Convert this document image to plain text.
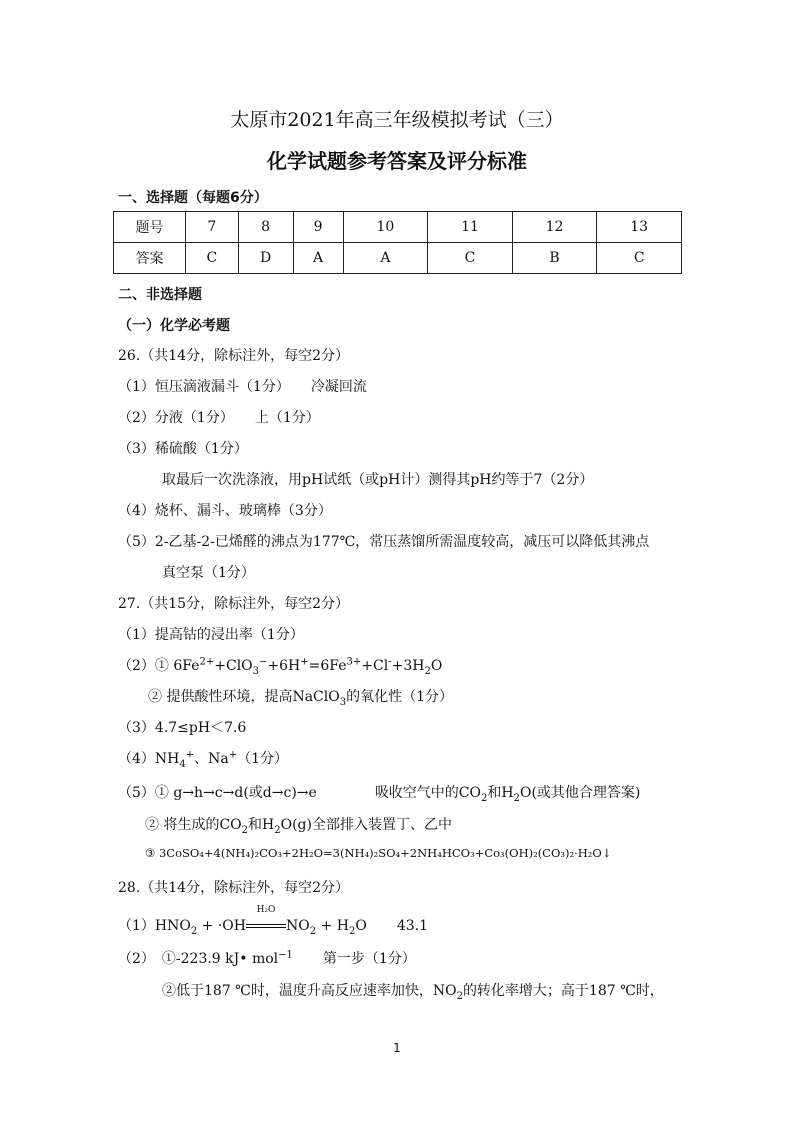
太原市2021年高三年级模拟考试（三）
化学试题参考答案及评分标准
一、选择题（每题6分）
题号	7	8	9	10	11	12	13
答案	C	D	A	A	C	B	C
二、非选择题
（一）化学必考题
26.（共14分，除标注外，每空2分）
（1）恒压滴液漏斗（1分）　　冷凝回流
（2）分液（1分）　　上（1分）
（3）稀硫酸（1分）
取最后一次洗涤液，用pH试纸（或pH计）测得其pH约等于7（2分）
（4）烧杯、漏斗、玻璃棒（3分）
（5）2-乙基-2-已烯醛的沸点为177℃，常压蒸馏所需温度较高，减压可以降低其沸点
真空泵（1分）
27.（共15分，除标注外，每空2分）
（1）提高钴的浸出率（1分）
（2）① $6Fe^{2+}+ClO_3^-+6H^+=6Fe^{3+}+Cl^-+3H_2O$
② 提供酸性环境，提高NaClO$_3$的氧化性（1分）
（3）4.7≤pH＜7.6
$(4)NH_4^+$、Na+（1分）
（5）① g→h→c→d(或d→c)→e	吸收空气中的$CO_2$和$H_2O$(或其他合理答案)
② 将生成的$CO_2$和$H_2O(g)$全部排入装置丁、乙中
③ 3CoSO₄+4(NH₄)₂CO₃+2H₂O=3(NH₄)₂SO₄+2NH₄HCO₃+Co₃(OH)₂(CO₃)₂·H₂O↓
28.（共14分，除标注外，每空2分）
$(1)HNO_2 + \cdot OH$
H₂O
$NO_2 + H_2O$ 43.1
（2）　①-223.9 kJ• mol$^{-1}$ 第一步（1分）
②低于187 ℃时，温度升高反应速率加快，$NO_2$的转化率增大；高于187 ℃时，
1
